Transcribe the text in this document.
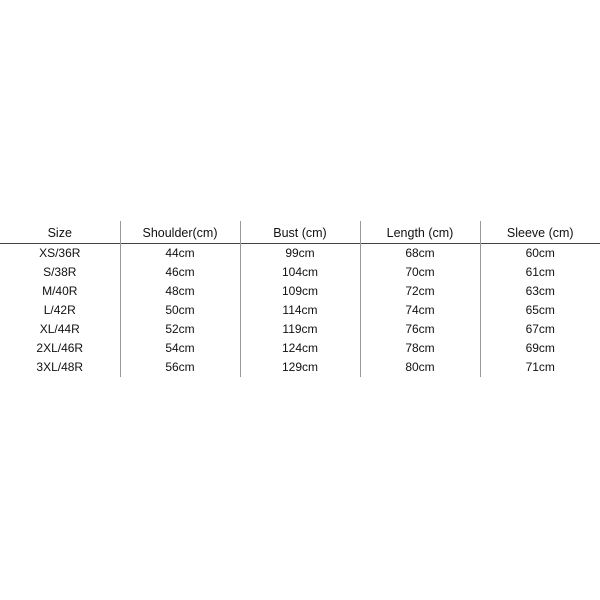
Size	Shoulder(cm)	Bust (cm)	Length (cm)	Sleeve (cm)
XS/36R	44cm	99cm	68cm	60cm
S/38R	46cm	104cm	70cm	61cm
M/40R	48cm	109cm	72cm	63cm
L/42R	50cm	114cm	74cm	65cm
XL/44R	52cm	119cm	76cm	67cm
2XL/46R	54cm	124cm	78cm	69cm
3XL/48R	56cm	129cm	80cm	71cm
